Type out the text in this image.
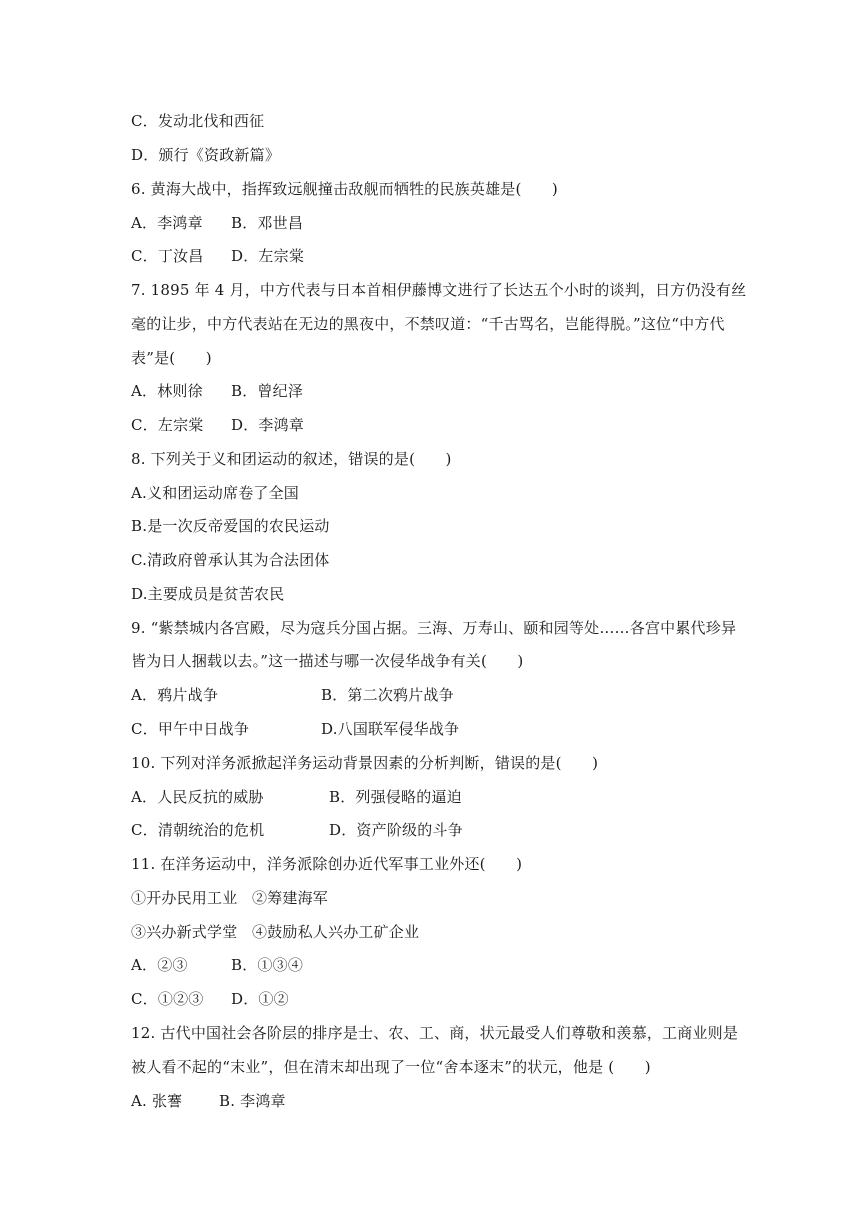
C．发动北伐和西征
D．颁行《资政新篇》
6. 黄海大战中，指挥致远舰撞击敌舰而牺牲的民族英雄是(　　)
A．李鸿章 B．邓世昌
C．丁汝昌 D．左宗棠
7. 1895 年 4 月，中方代表与日本首相伊藤博文进行了长达五个小时的谈判，日方仍没有丝
毫的让步，中方代表站在无边的黑夜中，不禁叹道：“千古骂名，岂能得脱。”这位“中方代
表”是(　　)
A．林则徐 B．曾纪泽
C．左宗棠 D．李鸿章
8. 下列关于义和团运动的叙述，错误的是(　　)
A.义和团运动席卷了全国
B.是一次反帝爱国的农民运动
C.清政府曾承认其为合法团体
D.主要成员是贫苦农民
9. “紫禁城内各宫殿，尽为寇兵分国占据。三海、万寿山、颐和园等处……各宫中累代珍异
皆为日人捆载以去。”这一描述与哪一次侵华战争有关(　　)
A．鸦片战争	B．第二次鸦片战争
C．甲午中日战争	D.八国联军侵华战争
10. 下列对洋务派掀起洋务运动背景因素的分析判断，错误的是(　　)
A．人民反抗的威胁	B．列强侵略的逼迫
C．清朝统治的危机	D．资产阶级的斗争
11. 在洋务运动中，洋务派除创办近代军事工业外还(　　)
①开办民用工业 ②筹建海军
③兴办新式学堂 ④鼓励私人兴办工矿企业
A．②③	B．①③④
C．①②③ D．①②
12. 古代中国社会各阶层的排序是士、农、工、商，状元最受人们尊敬和羡慕，工商业则是
被人看不起的“末业”，但在清末却出现了一位“舍本逐末”的状元，他是 (　　)
A. 张謇 B. 李鸿章
